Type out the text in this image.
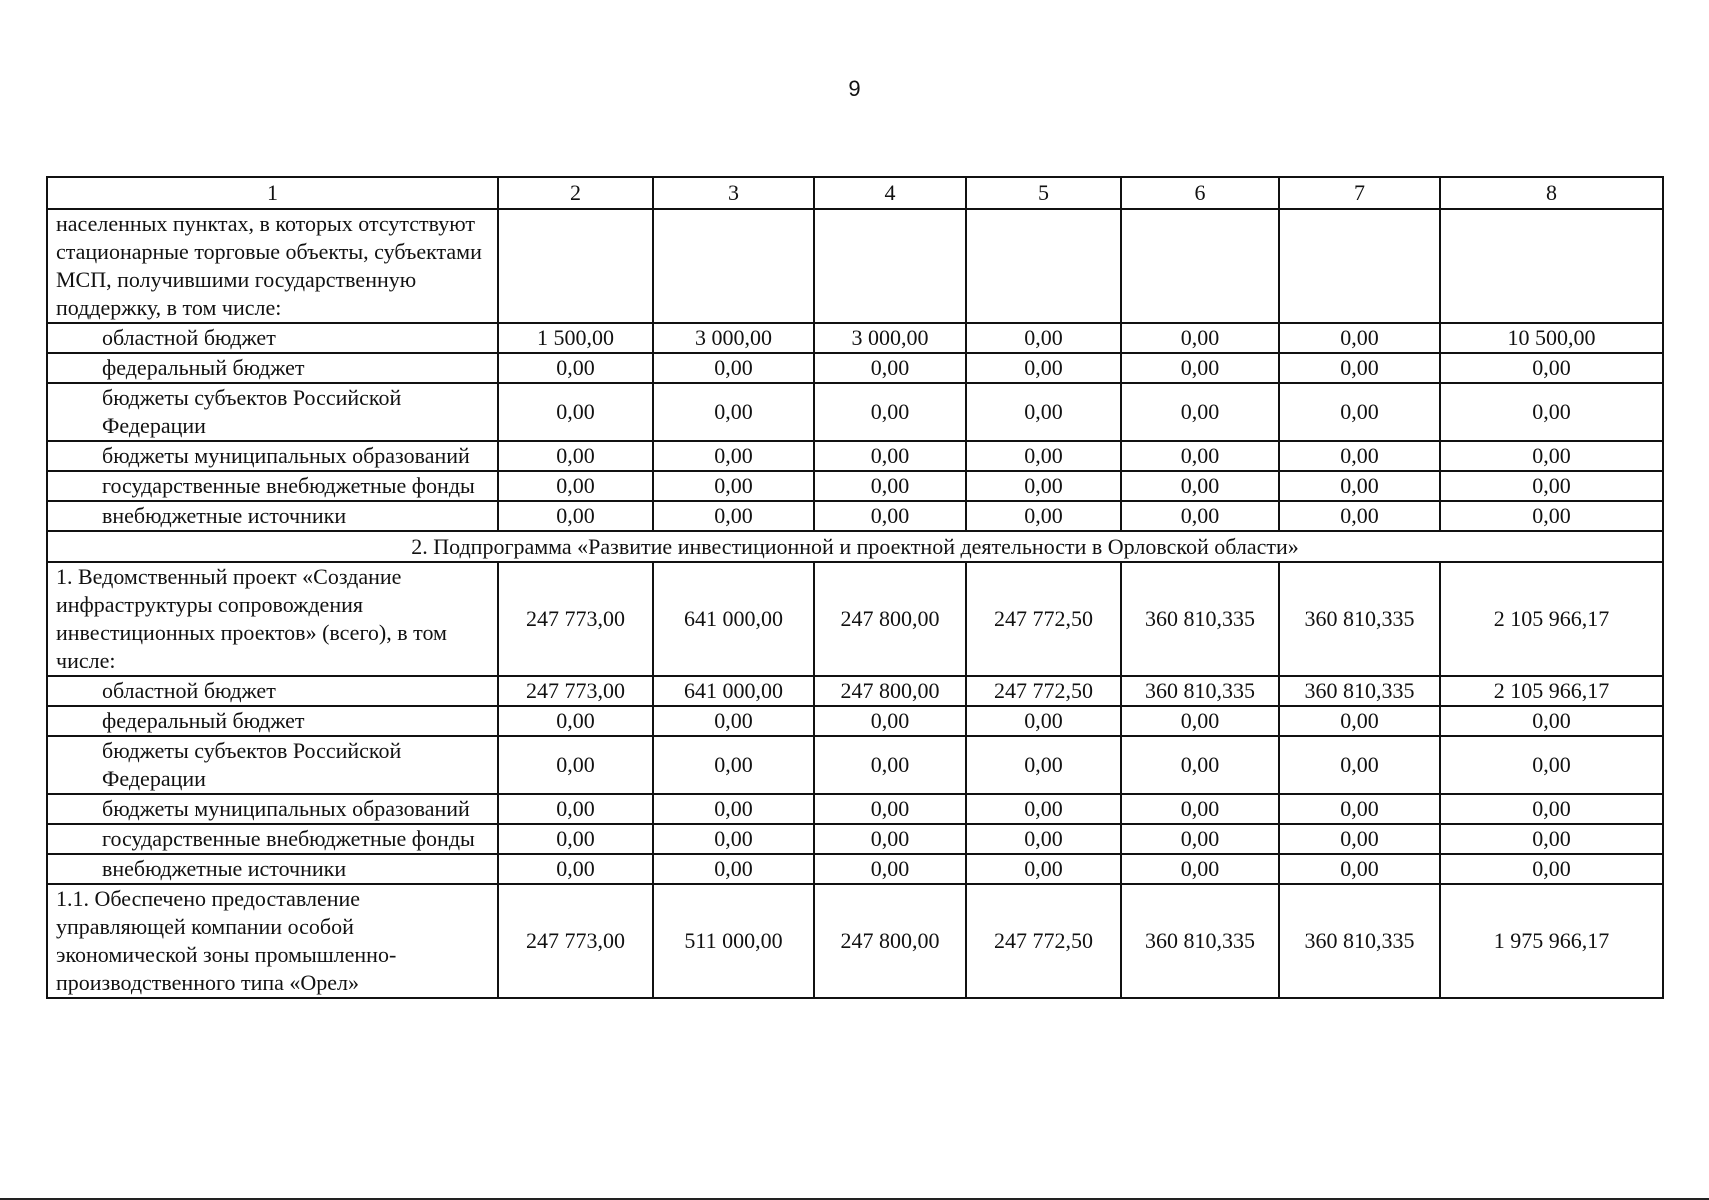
9
1	2	3	4	5	6	7	8
населенных пунктах, в которых отсутствуют стационарные торговые объекты, субъектами МСП, получившими государственную поддержку, в том числе:							
областной бюджет	1 500,00	3 000,00	3 000,00	0,00	0,00	0,00	10 500,00
федеральный бюджет	0,00	0,00	0,00	0,00	0,00	0,00	0,00
бюджеты субъектов Российской Федерации	0,00	0,00	0,00	0,00	0,00	0,00	0,00
бюджеты муниципальных образований	0,00	0,00	0,00	0,00	0,00	0,00	0,00
государственные внебюджетные фонды	0,00	0,00	0,00	0,00	0,00	0,00	0,00
внебюджетные источники	0,00	0,00	0,00	0,00	0,00	0,00	0,00
2. Подпрограмма «Развитие инвестиционной и проектной деятельности в Орловской области»							
1. Ведомственный проект «Создание инфраструктуры сопровождения инвестиционных проектов» (всего), в том числе:	247 773,00	641 000,00	247 800,00	247 772,50	360 810,335	360 810,335	2 105 966,17
областной бюджет	247 773,00	641 000,00	247 800,00	247 772,50	360 810,335	360 810,335	2 105 966,17
федеральный бюджет	0,00	0,00	0,00	0,00	0,00	0,00	0,00
бюджеты субъектов Российской Федерации	0,00	0,00	0,00	0,00	0,00	0,00	0,00
бюджеты муниципальных образований	0,00	0,00	0,00	0,00	0,00	0,00	0,00
государственные внебюджетные фонды	0,00	0,00	0,00	0,00	0,00	0,00	0,00
внебюджетные источники	0,00	0,00	0,00	0,00	0,00	0,00	0,00
1.1. Обеспечено предоставление управляющей компании особой экономической зоны промышленно-производственного типа «Орел»	247 773,00	511 000,00	247 800,00	247 772,50	360 810,335	360 810,335	1 975 966,17
